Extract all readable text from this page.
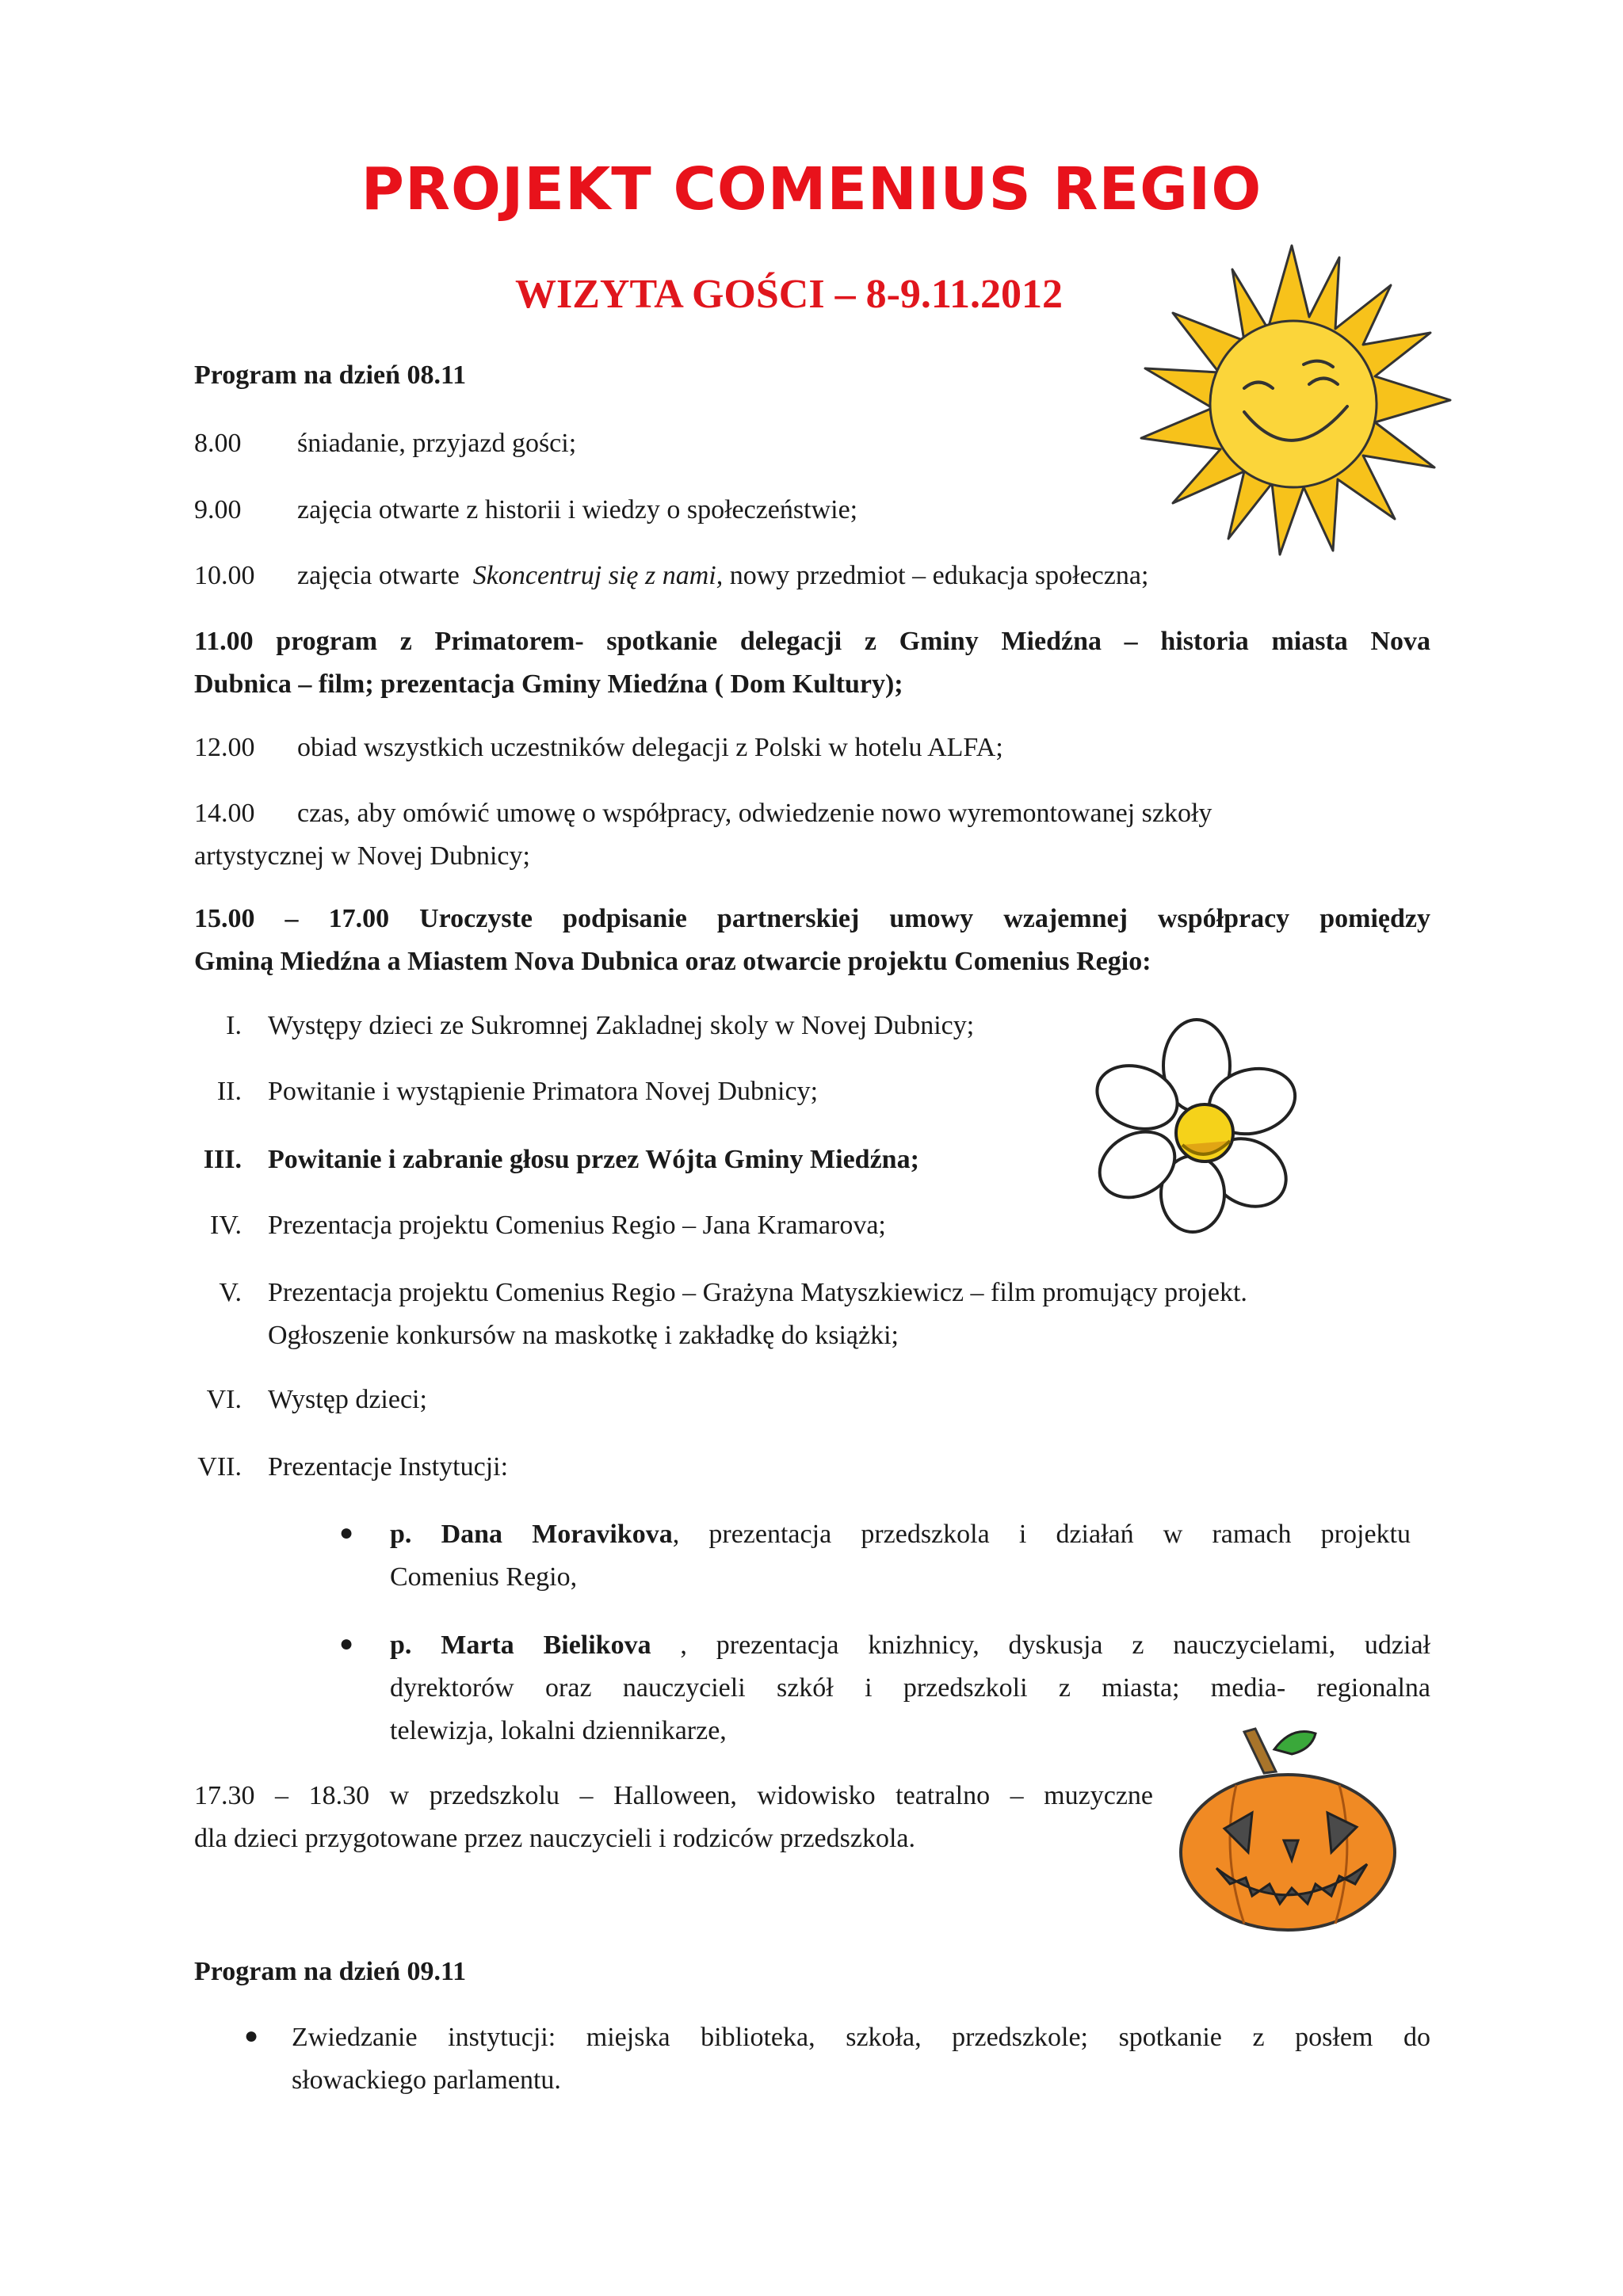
PROJEKT COMENIUS REGIO
WIZYTA GOŚCI – 8-9.11.2012
Program na dzień 08.11
8.00 śniadanie, przyjazd gości;
9.00 zajęcia otwarte z historii i wiedzy o społeczeństwie;
10.00 zajęcia otwarte Skoncentruj się z nami, nowy przedmiot – edukacja społeczna;
11.00 program z Primatorem- spotkanie delegacji z Gminy Miedźna – historia miasta Nova
Dubnica – film; prezentacja Gminy Miedźna ( Dom Kultury);
12.00 obiad wszystkich uczestników delegacji z Polski w hotelu ALFA;
14.00 czas, aby omówić umowę o współpracy, odwiedzenie nowo wyremontowanej szkoły
artystycznej w Novej Dubnicy;
15.00 – 17.00 Uroczyste podpisanie partnerskiej umowy wzajemnej współpracy pomiędzy
Gminą Miedźna a Miastem Nova Dubnica oraz otwarcie projektu Comenius Regio:
I. Występy dzieci ze Sukromnej Zakladnej skoly w Novej Dubnicy;
II. Powitanie i wystąpienie Primatora Novej Dubnicy;
III. Powitanie i zabranie głosu przez Wójta Gminy Miedźna;
IV. Prezentacja projektu Comenius Regio – Jana Kramarova;
V. Prezentacja projektu Comenius Regio – Grażyna Matyszkiewicz – film promujący projekt.
Ogłoszenie konkursów na maskotkę i zakładkę do książki;
VI. Występ dzieci;
VII. Prezentacje Instytucji:
● p. Dana Moravikova, prezentacja przedszkola i działań w ramach projektu
Comenius Regio,
● p. Marta Bielikova , prezentacja knizhnicy, dyskusja z nauczycielami, udział
dyrektorów oraz nauczycieli szkół i przedszkoli z miasta; media- regionalna
telewizja, lokalni dziennikarze,
17.30 – 18.30 w przedszkolu – Halloween, widowisko teatralno – muzyczne
dla dzieci przygotowane przez nauczycieli i rodziców przedszkola.
Program na dzień 09.11
● Zwiedzanie instytucji: miejska biblioteka, szkoła, przedszkole; spotkanie z posłem do
słowackiego parlamentu.
